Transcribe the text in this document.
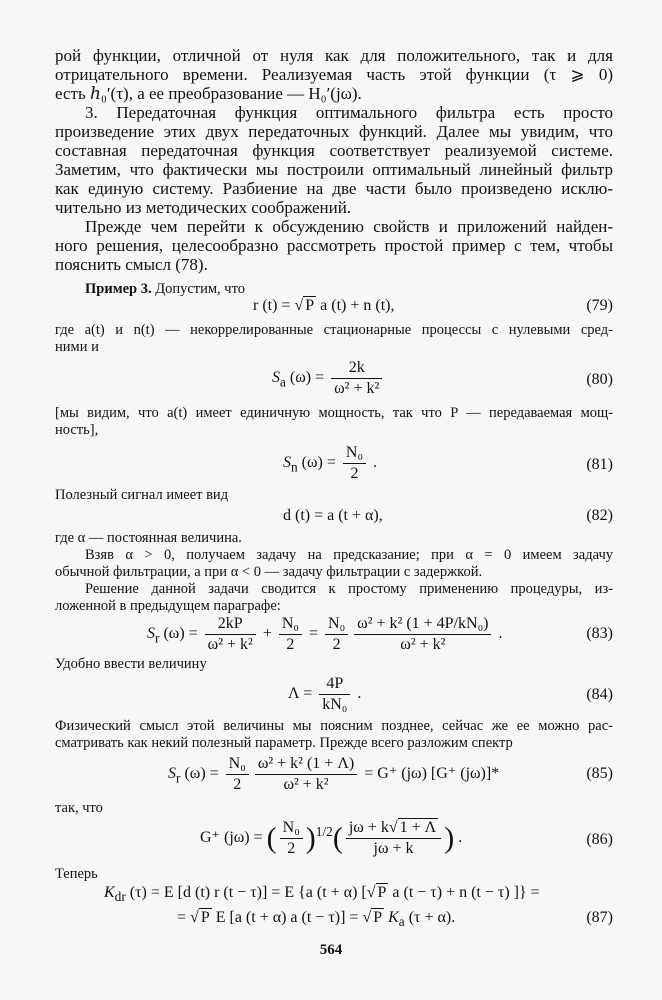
рой функции, отличной от нуля как для положительного, так и для
отрицательного времени. Реализуемая часть этой функции (τ ⩾ 0)
есть ℎ₀′(τ), а ее преобразование — H₀′(jω).
3. Передаточная функция оптимального фильтра есть просто
произведение этих двух передаточных функций. Далее мы увидим, что
составная передаточная функция соответствует реализуемой системе.
Заметим, что фактически мы построили оптимальный линейный фильтр
как единую систему. Разбиение на две части было произведено исклю-
чительно из методических соображений.
Прежде чем перейти к обсуждению свойств и приложений найден-
ного решения, целесообразно рассмотреть простой пример с тем, чтобы
пояснить смысл (78).
Пример 3. Допустим, что
r (t) = √ P a (t) + n (t),	(79)
где a(t) и n(t) — некоррелированные стационарные процессы с нулевыми сред-
ними и
$S_a$ $(\omega) = \frac{2k}{\text{ω² + k²}}$	(80)
[мы видим, что a(t) имеет единичную мощность, так что P — передаваемая мощ-
ность],
$S_n$ $(\omega) = \frac{\text{N₀}}{2}$ .	(81)
Полезный сигнал имеет вид
d (t) = a (t + α),	(82)
где α — постоянная величина.
Взяв α > 0, получаем задачу на предсказание; при α = 0 имеем задачу
обычной фильтрации, а при α < 0 — задачу фильтрации с задержкой.
Решение данной задачи сводится к простому применению процедуры, из-
ложенной в предыдущем параграфе:
$S_r$ $(\omega) = \frac{2kP}{\text{ω² + k²}} + \frac{\text{N₀}}{2} = \frac{\text{N₀}}{2} \frac{\text{ω² + k² (1 + 4P/kN₀)}}{\text{ω² + k²}}$ .	(83)
Удобно ввести величину
$\Lambda = \frac{4P}{\text{kN₀}}$ .	(84)
Физический смысл этой величины мы поясним позднее, сейчас же ее можно рас-
сматривать как некий полезный параметр. Прежде всего разложим спектр
$S_r$ $(\omega) = \frac{\text{N₀}}{2} \frac{\text{ω² + k² (1 + Λ)}}{\text{ω² + k²}} = G^+$ (jω) [G⁺ (jω)]*	(85)
так, что
G⁺ (jω) = ( $\frac{\text{N₀}}{2} )^{1/2}( \frac{j\omega + k√ 1 + \Lambda}{j\omega + k}$ ) .	(86)
Теперь
$K_{dr}$ (τ) = E [d (t) r (t − τ)] = E {a (t + α) [√ P a (t − τ) + n (t − τ) ]} =
= √ P E [a (t + α) a (t − τ)] = √ P $K_a$ (τ + α).	(87)
564
